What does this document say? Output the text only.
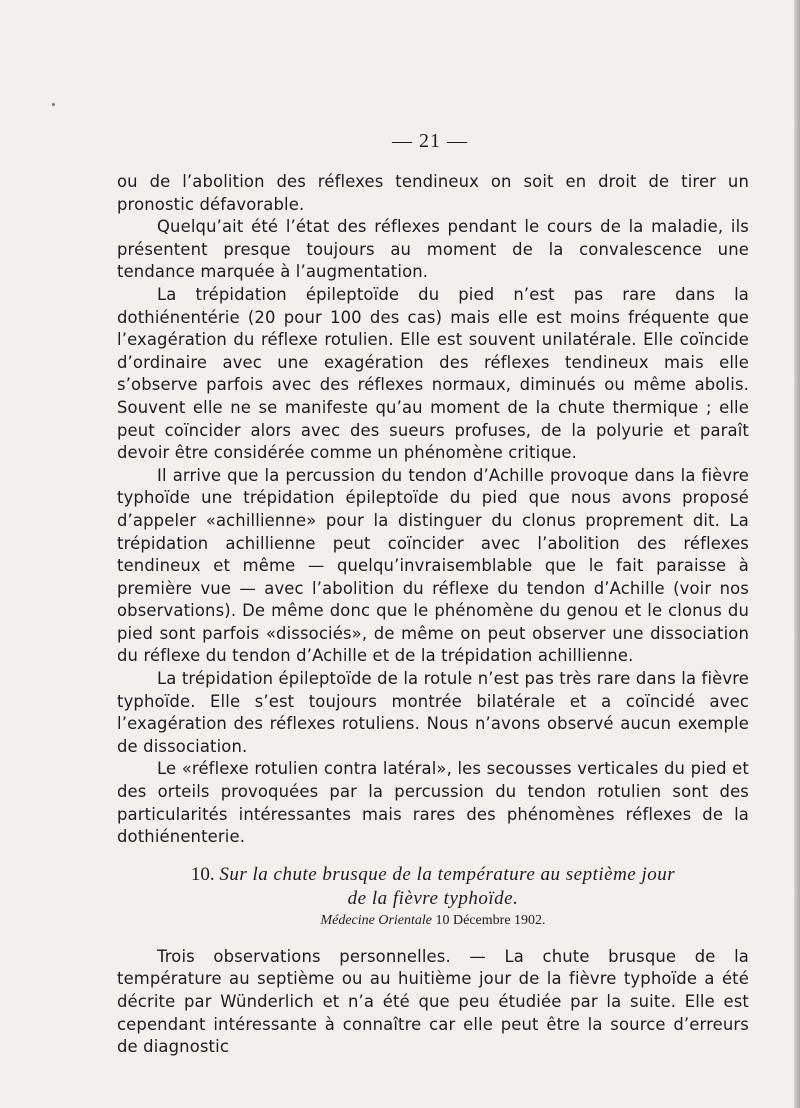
— 21 —

ou de l’abolition des réflexes tendineux on soit en droit de tirer un pronostic défavorable.

Quelqu’ait été l’état des réflexes pendant le cours de la maladie, ils présentent presque toujours au moment de la convalescence une tendance marquée à l’augmentation.

La trépidation épileptoïde du pied n’est pas rare dans la dothiénentérie (20 pour 100 des cas) mais elle est moins fréquente que l’exagération du réflexe rotulien. Elle est souvent unilatérale. Elle coïncide d’ordinaire avec une exagération des réflexes tendineux mais elle s’observe parfois avec des réflexes normaux, diminués ou même abolis. Souvent elle ne se manifeste qu’au moment de la chute thermique ; elle peut coïncider alors avec des sueurs profuses, de la polyurie et paraît devoir être considérée comme un phénomène critique.

Il arrive que la percussion du tendon d’Achille provoque dans la fièvre typhoïde une trépidation épileptoïde du pied que nous avons proposé d’appeler «achillienne» pour la distinguer du clonus proprement dit. La trépidation achillienne peut coïncider avec l’abolition des réflexes tendineux et même — quelqu’invraisemblable que le fait paraisse à première vue — avec l’abolition du réflexe du tendon d’Achille (voir nos observations). De même donc que le phénomène du genou et le clonus du pied sont parfois «dissociés», de même on peut observer une dissociation du réflexe du tendon d’Achille et de la trépidation achillienne.

La trépidation épileptoïde de la rotule n’est pas très rare dans la fièvre typhoïde. Elle s’est toujours montrée bilatérale et a coïncidé avec l’exagération des réflexes rotuliens. Nous n’avons observé aucun exemple de dissociation.

Le «réflexe rotulien contra latéral», les secousses verticales du pied et des orteils provoquées par la percussion du tendon rotulien sont des particularités intéressantes mais rares des phénomènes réflexes de la dothiénenterie.

10. Sur la chute brusque de la température au septième jour
de la fièvre typhoïde.
Médecine Orientale 10 Décembre 1902.

Trois observations personnelles. — La chute brusque de la température au septième ou au huitième jour de la fièvre typhoïde a été décrite par Wünderlich et n’a été que peu étudiée par la suite. Elle est cependant intéressante à connaître car elle peut être la source d’erreurs de diagnostic
